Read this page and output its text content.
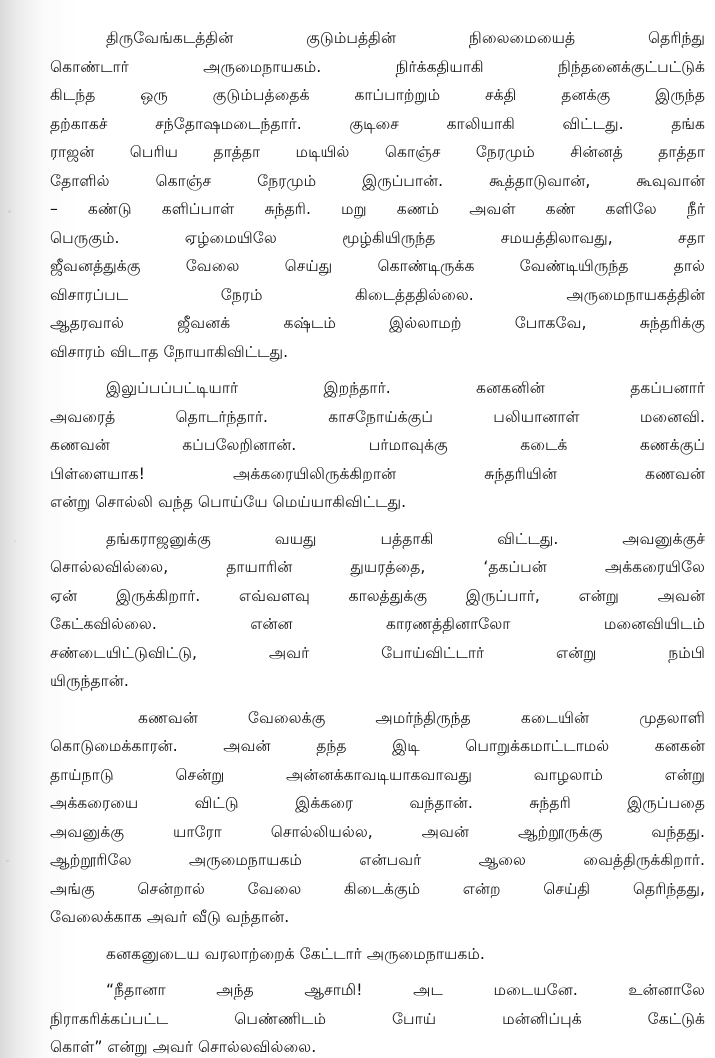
திருவேங்கடத்தின் குடும்பத்தின் நிலைமையைத் தெரிந்து
கொண்டார் அருமைநாயகம். நிர்க்கதியாகி நிந்தனைக்குட்பட்டுக்
கிடந்த ஒரு குடும்பத்தைக் காப்பாற்றும் சக்தி தனக்கு இருந்த
தற்காகச் சந்தோஷமடைந்தார். குடிசை காலியாகி விட்டது. தங்க
ராஜன் பெரிய தாத்தா மடியில் கொஞ்ச நேரமும் சின்னத் தாத்தா
தோளில் கொஞ்ச நேரமும் இருப்பான். கூத்தாடுவான், கூவுவான்
– கண்டு களிப்பாள் சுந்தரி. மறு கணம் அவள் கண் களிலே நீர்
பெருகும். ஏழ்மையிலே மூழ்கியிருந்த சமயத்திலாவது, சதா
ஜீவனத்துக்கு வேலை செய்து கொண்டிருக்க வேண்டியிருந்த தால்
விசாரப்பட நேரம் கிடைத்ததில்லை. அருமைநாயகத்தின்
ஆதரவால் ஜீவனக் கஷ்டம் இல்லாமற் போகவே, சுந்தரிக்கு
விசாரம் விடாத நோயாகிவிட்டது.
இலுப்பப்பட்டியார் இறந்தார். கனகனின் தகப்பனார்
அவரைத் தொடர்ந்தார். காசநோய்க்குப் பலியானாள் மனைவி.
கணவன் கப்பலேறினான். பர்மாவுக்கு கடைக் கணக்குப்
பிள்ளையாக! அக்கரையிலிருக்கிறான் சுந்தரியின் கணவன்
என்று சொல்லி வந்த பொய்யே மெய்யாகிவிட்டது.
தங்கராஜனுக்கு வயது பத்தாகி விட்டது. அவனுக்குச்
சொல்லவில்லை, தாயாரின் துயரத்தை, ‘தகப்பன் அக்கரையிலே
ஏன் இருக்கிறார். எவ்வளவு காலத்துக்கு இருப்பார், என்று அவன்
கேட்கவில்லை. என்ன காரணத்தினாலோ மனைவியிடம்
சண்டையிட்டுவிட்டு, அவர் போய்விட்டார் என்று நம்பி
யிருந்தான்.
கணவன் வேலைக்கு அமர்ந்திருந்த கடையின் முதலாளி
கொடுமைக்காரன். அவன் தந்த இடி பொறுக்கமாட்டாமல் கனகன்
தாய்நாடு சென்று அன்னக்காவடியாகவாவது வாழலாம் என்று
அக்கரையை விட்டு இக்கரை வந்தான். சுந்தரி இருப்பதை
அவனுக்கு யாரோ சொல்லியல்ல, அவன் ஆற்றூருக்கு வந்தது.
ஆற்றூரிலே அருமைநாயகம் என்பவர் ஆலை வைத்திருக்கிறார்.
அங்கு சென்றால் வேலை கிடைக்கும் என்ற செய்தி தெரிந்தது,
வேலைக்காக அவர் வீடு வந்தான்.
கனகனுடைய வரலாற்றைக் கேட்டார் அருமைநாயகம்.
“நீதானா அந்த ஆசாமி! அட மடையனே. உன்னாலே
நிராகரிக்கப்பட்ட பெண்ணிடம் போய் மன்னிப்புக் கேட்டுக்
கொள்” என்று அவர் சொல்லவில்லை.
